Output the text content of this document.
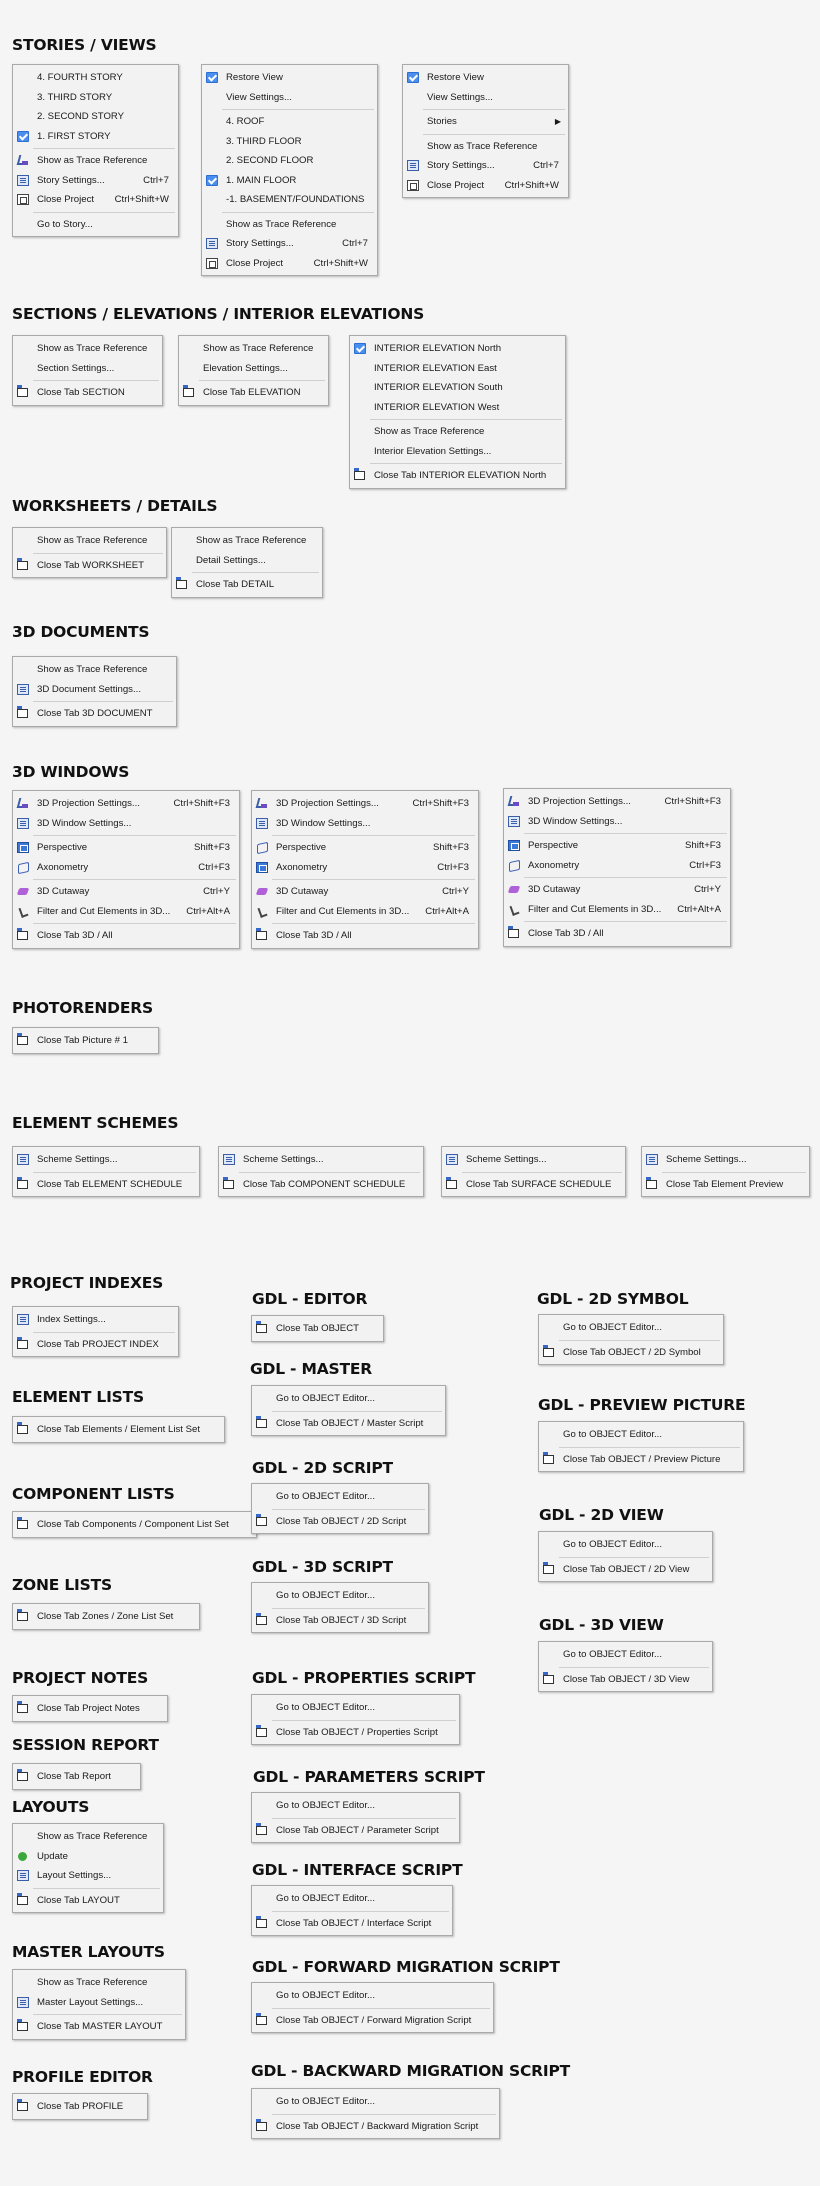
STORIES / VIEWS
4. FOURTH STORY
3. THIRD STORY
2. SECOND STORY
1. FIRST STORY
Show as Trace Reference
Story Settings...	Ctrl+7
Close Project Ctrl+Shift+W
Go to Story...
Restore View
View Settings...
4. ROOF
3. THIRD FLOOR
2. SECOND FLOOR
1. MAIN FLOOR
-1. BASEMENT/FOUNDATIONS
Show as Trace Reference
Story Settings...	Ctrl+7
Close Project	Ctrl+Shift+W
Restore View
View Settings...
Stories	▶
Show as Trace Reference
Story Settings...	Ctrl+7
Close Project Ctrl+Shift+W
SECTIONS / ELEVATIONS / INTERIOR ELEVATIONS
Show as Trace Reference
Section Settings...
Close Tab SECTION
Show as Trace Reference
Elevation Settings...
Close Tab ELEVATION
INTERIOR ELEVATION North
INTERIOR ELEVATION East
INTERIOR ELEVATION South
INTERIOR ELEVATION West
Show as Trace Reference
Interior Elevation Settings...
Close Tab INTERIOR ELEVATION North
WORKSHEETS / DETAILS
Show as Trace Reference
Close Tab WORKSHEET
Show as Trace Reference
Detail Settings...
Close Tab DETAIL
3D DOCUMENTS
Show as Trace Reference
3D Document Settings...
Close Tab 3D DOCUMENT
3D WINDOWS
3D Projection Settings...	Ctrl+Shift+F3
3D Window Settings...
Perspective	Shift+F3
Axonometry	Ctrl+F3
3D Cutaway	Ctrl+Y
Filter and Cut Elements in 3D... Ctrl+Alt+A
Close Tab 3D / All
3D Projection Settings...	Ctrl+Shift+F3
3D Window Settings...
Perspective	Shift+F3
Axonometry	Ctrl+F3
3D Cutaway	Ctrl+Y
Filter and Cut Elements in 3D... Ctrl+Alt+A
Close Tab 3D / All
3D Projection Settings...	Ctrl+Shift+F3
3D Window Settings...
Perspective	Shift+F3
Axonometry	Ctrl+F3
3D Cutaway	Ctrl+Y
Filter and Cut Elements in 3D... Ctrl+Alt+A
Close Tab 3D / All
PHOTORENDERS
Close Tab Picture # 1
ELEMENT SCHEMES
Scheme Settings...
Close Tab ELEMENT SCHEDULE
Scheme Settings...
Close Tab COMPONENT SCHEDULE
Scheme Settings...
Close Tab SURFACE SCHEDULE
Scheme Settings...
Close Tab Element Preview
PROJECT INDEXES
Index Settings...
Close Tab PROJECT INDEX
ELEMENT LISTS
Close Tab Elements / Element List Set
COMPONENT LISTS
Close Tab Components / Component List Set
ZONE LISTS
Close Tab Zones / Zone List Set
PROJECT NOTES
Close Tab Project Notes
SESSION REPORT
Close Tab Report
LAYOUTS
Show as Trace Reference
Update
Layout Settings...
Close Tab LAYOUT
MASTER LAYOUTS
Show as Trace Reference
Master Layout Settings...
Close Tab MASTER LAYOUT
PROFILE EDITOR
Close Tab PROFILE
GDL - EDITOR
Close Tab OBJECT
GDL - MASTER
Go to OBJECT Editor...
Close Tab OBJECT / Master Script
GDL - 2D SCRIPT
Go to OBJECT Editor...
Close Tab OBJECT / 2D Script
GDL - 3D SCRIPT
Go to OBJECT Editor...
Close Tab OBJECT / 3D Script
GDL - PROPERTIES SCRIPT
Go to OBJECT Editor...
Close Tab OBJECT / Properties Script
GDL - PARAMETERS SCRIPT
Go to OBJECT Editor...
Close Tab OBJECT / Parameter Script
GDL - INTERFACE SCRIPT
Go to OBJECT Editor...
Close Tab OBJECT / Interface Script
GDL - FORWARD MIGRATION SCRIPT
Go to OBJECT Editor...
Close Tab OBJECT / Forward Migration Script
GDL - BACKWARD MIGRATION SCRIPT
Go to OBJECT Editor...
Close Tab OBJECT / Backward Migration Script
GDL - 2D SYMBOL
Go to OBJECT Editor...
Close Tab OBJECT / 2D Symbol
GDL - PREVIEW PICTURE
Go to OBJECT Editor...
Close Tab OBJECT / Preview Picture
GDL - 2D VIEW
Go to OBJECT Editor...
Close Tab OBJECT / 2D View
GDL - 3D VIEW
Go to OBJECT Editor...
Close Tab OBJECT / 3D View
